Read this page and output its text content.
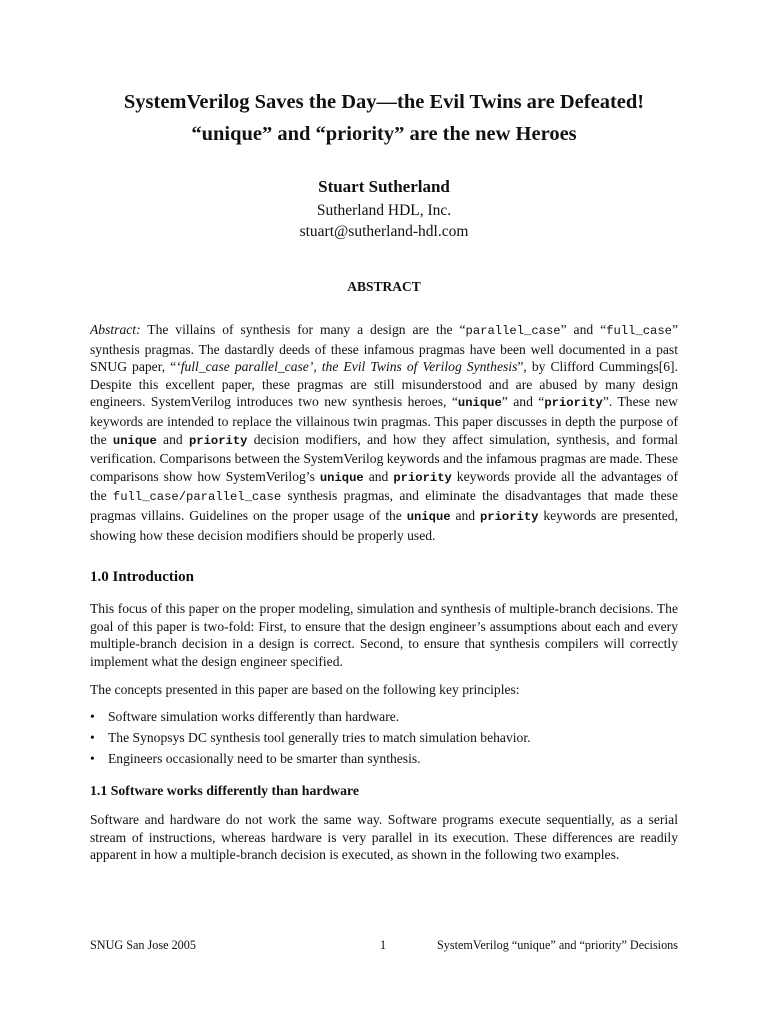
SystemVerilog Saves the Day—the Evil Twins are Defeated!
“unique” and “priority” are the new Heroes

Stuart Sutherland

Sutherland HDL, Inc.

stuart@sutherland-hdl.com

ABSTRACT

Abstract: The villains of synthesis for many a design are the “parallel_case” and “full_case” synthesis pragmas. The dastardly deeds of these infamous pragmas have been well documented in a past SNUG paper, “‘full_case parallel_case’, the Evil Twins of Verilog Synthesis”, by Clifford Cummings[6]. Despite this excellent paper, these pragmas are still misunderstood and are abused by many design engineers. SystemVerilog introduces two new synthesis heroes, “unique” and “priority”. These new keywords are intended to replace the villainous twin pragmas. This paper discusses in depth the purpose of the unique and priority decision modifiers, and how they affect simulation, synthesis, and formal verification. Comparisons between the SystemVerilog keywords and the infamous pragmas are made. These comparisons show how SystemVerilog’s unique and priority keywords provide all the advantages of the full_case/parallel_case synthesis pragmas, and eliminate the disadvantages that made these pragmas villains. Guidelines on the proper usage of the unique and priority keywords are presented, showing how these decision modifiers should be properly used.

1.0 Introduction

This focus of this paper on the proper modeling, simulation and synthesis of multiple-branch decisions. The goal of this paper is two-fold: First, to ensure that the design engineer’s assumptions about each and every multiple-branch decision in a design is correct. Second, to ensure that synthesis compilers will correctly implement what the design engineer specified.

The concepts presented in this paper are based on the following key principles:

• Software simulation works differently than hardware.
• The Synopsys DC synthesis tool generally tries to match simulation behavior.
• Engineers occasionally need to be smarter than synthesis.
1.1 Software works differently than hardware

Software and hardware do not work the same way. Software programs execute sequentially, as a serial stream of instructions, whereas hardware is very parallel in its execution. These differences are readily apparent in how a multiple-branch decision is executed, as shown in the following two examples.

SNUG San Jose 2005	1	SystemVerilog “unique” and “priority” Decisions
